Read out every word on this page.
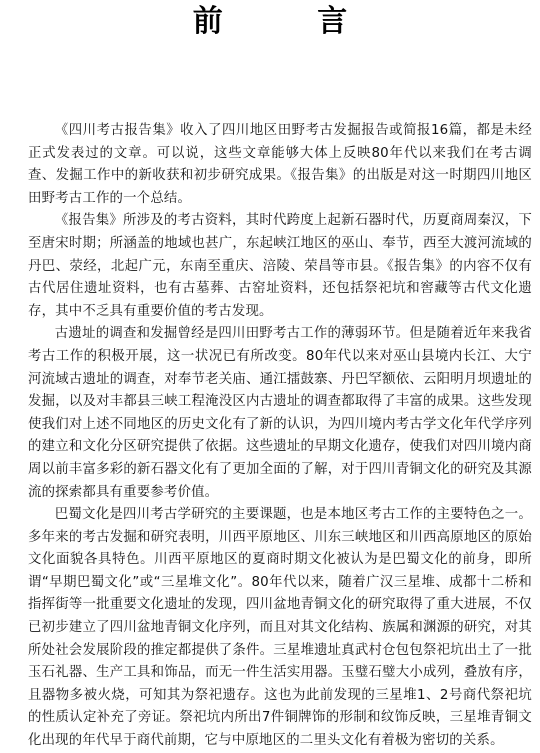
前 言

《四川考古报告集》收入了四川地区田野考古发掘报告或简报16篇，都是未经正式发表过的文章。可以说，这些文章能够大体上反映80年代以来我们在考古调查、发掘工作中的新收获和初步研究成果。《报告集》的出版是对这一时期四川地区田野考古工作的一个总结。

《报告集》所涉及的考古资料，其时代跨度上起新石器时代，历夏商周秦汉，下至唐宋时期；所涵盖的地域也甚广，东起峡江地区的巫山、奉节，西至大渡河流域的丹巴、荥经，北起广元，东南至重庆、涪陵、荣昌等市县。《报告集》的内容不仅有古代居住遗址资料，也有古墓葬、古窑址资料，还包括祭祀坑和窖藏等古代文化遗存，其中不乏具有重要价值的考古发现。

古遗址的调查和发掘曾经是四川田野考古工作的薄弱环节。但是随着近年来我省考古工作的积极开展，这一状况已有所改变。80年代以来对巫山县境内长江、大宁河流域古遗址的调查，对奉节老关庙、通江擂鼓寨、丹巴罕额依、云阳明月坝遗址的发掘，以及对丰都县三峡工程淹没区内古遗址的调查都取得了丰富的成果。这些发现使我们对上述不同地区的历史文化有了新的认识，为四川境内考古学文化年代学序列的建立和文化分区研究提供了依据。这些遗址的早期文化遗存，使我们对四川境内商周以前丰富多彩的新石器文化有了更加全面的了解，对于四川青铜文化的研究及其源流的探索都具有重要参考价值。

巴蜀文化是四川考古学研究的主要课题，也是本地区考古工作的主要特色之一。多年来的考古发掘和研究表明，川西平原地区、川东三峡地区和川西高原地区的原始文化面貌各具特色。川西平原地区的夏商时期文化被认为是巴蜀文化的前身，即所谓“早期巴蜀文化”或“三星堆文化”。80年代以来，随着广汉三星堆、成都十二桥和指挥街等一批重要文化遗址的发现，四川盆地青铜文化的研究取得了重大进展，不仅已初步建立了四川盆地青铜文化序列，而且对其文化结构、族属和渊源的研究，对其所处社会发展阶段的推定都提供了条件。三星堆遗址真武村仓包包祭祀坑出土了一批玉石礼器、生产工具和饰品，而无一件生活实用器。玉璧石璧大小成列，叠放有序，且器物多被火烧，可知其为祭祀遗存。这也为此前发现的三星堆1、2号商代祭祀坑的性质认定补充了旁证。祭祀坑内所出7件铜牌饰的形制和纹饰反映，三星堆青铜文化出现的年代早于商代前期，它与中原地区的二里头文化有着极为密切的关系。
